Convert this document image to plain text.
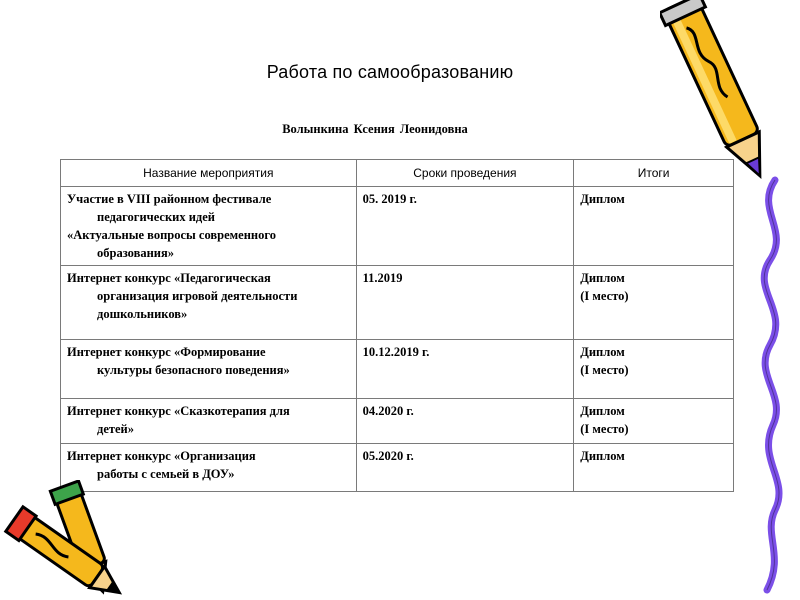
Работа по самообразованию
Волынкина Ксения Леонидовна
Название мероприятия	Сроки проведения	Итоги

Участие в VIII районном фестивале
педагогических идей
«Актуальные вопросы современного
образования»	05. 2019 г.	Диплом

Интернет конкурс «Педагогическая
организация игровой деятельности
дошкольников»	11.2019	Диплом
(I место)

Интернет конкурс «Формирование
культуры безопасного поведения»	10.12.2019 г.	Диплом
(I место)

Интернет конкурс «Сказкотерапия для
детей»	04.2020 г.	Диплом
(I место)

Интернет конкурс «Организация
работы с семьей в ДОУ»	05.2020 г.	Диплом
